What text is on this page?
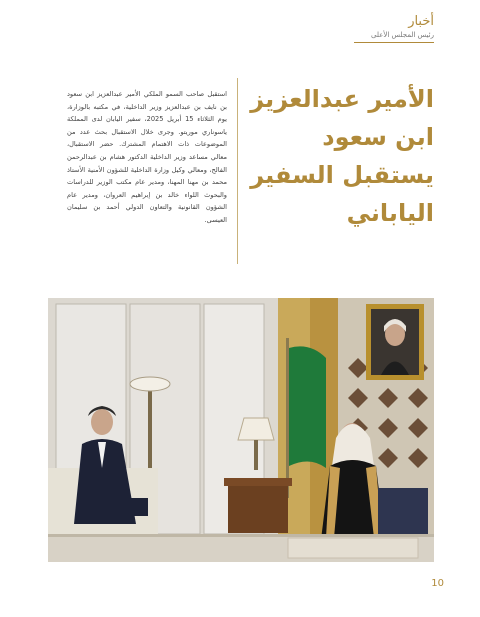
أخبار
رئيس المجلس الأعلى
الأمير عبدالعزيز
ابن سعود
يستقبل السفير
الياباني
استقبل صاحب السمو الملكي الأمير عبدالعزيز ابن سعود بن نايف بن عبدالعزيز وزير الداخلية، في مكتبه بالوزارة، يوم الثلاثاء 15 أبريل 2025، سفير اليابان لدى المملكة ياسوناري موريتو. وجرى خلال الاستقبال بحث عدد من الموضوعات ذات الاهتمام المشترك. حضر الاستقبال، معالي مساعد وزير الداخلية الدكتور هشام بن عبدالرحمن الفالح، ومعالي وكيل وزارة الداخلية للشؤون الأمنية الأستاذ محمد بن مهنا المهنا، ومدير عام مكتب الوزير للدراسات والبحوث اللواء خالد بن إبراهيم العروان، ومدير عام الشؤون القانونية والتعاون الدولي أحمد بن سليمان العيسى.
10
